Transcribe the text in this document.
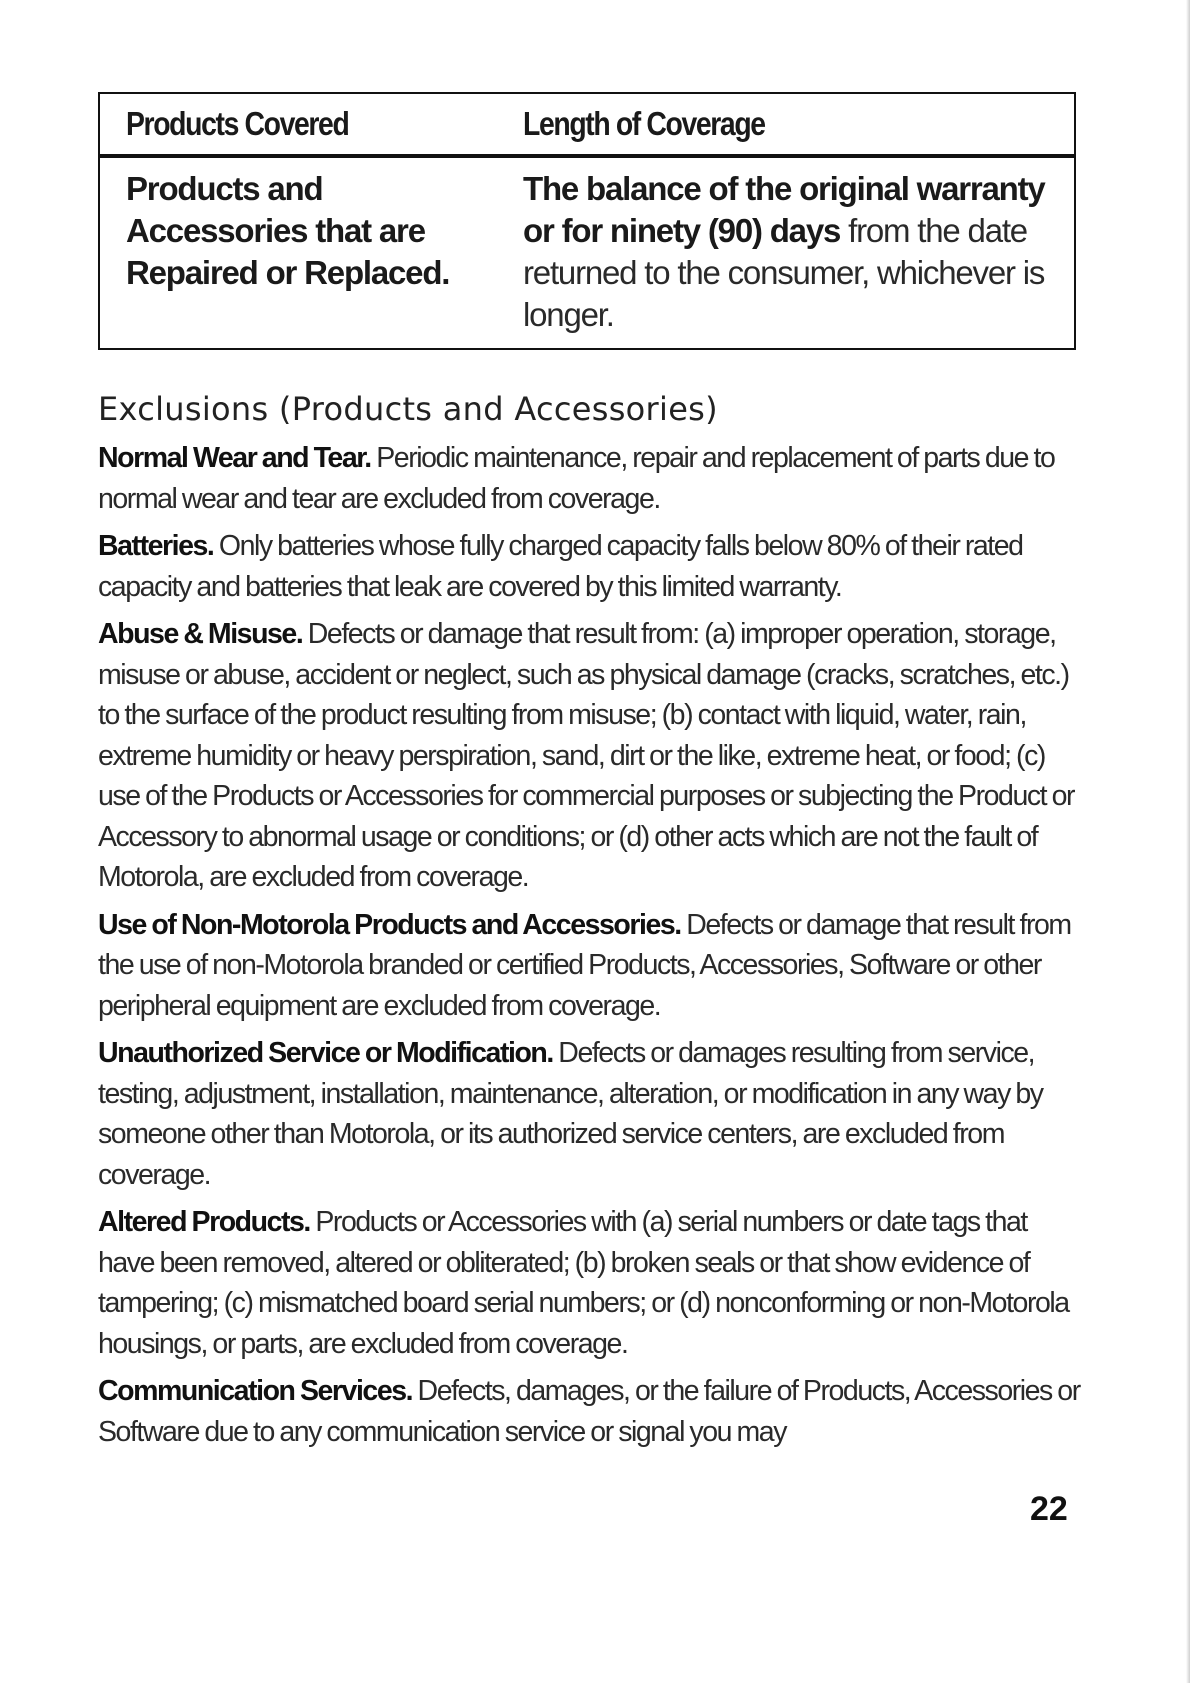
Products Covered	Length of Coverage
Products and Accessories that are Repaired or Replaced.
The balance of the original warranty or for ninety (90) days from the date returned to the consumer, whichever is longer.
Exclusions (Products and Accessories)

Normal Wear and Tear. Periodic maintenance, repair and replacement of parts due to normal wear and tear are excluded from coverage.

Batteries. Only batteries whose fully charged capacity falls below 80% of their rated capacity and batteries that leak are covered by this limited warranty.

Abuse & Misuse. Defects or damage that result from: (a) improper operation, storage, misuse or abuse, accident or neglect, such as physical damage (cracks, scratches, etc.) to the surface of the product resulting from misuse; (b) contact with liquid, water, rain, extreme humidity or heavy perspiration, sand, dirt or the like, extreme heat, or food; (c) use of the Products or Accessories for commercial purposes or subjecting the Product or Accessory to abnormal usage or conditions; or (d) other acts which are not the fault of Motorola, are excluded from coverage.

Use of Non-Motorola Products and Accessories. Defects or damage that result from the use of non-Motorola branded or certified Products, Accessories, Software or other peripheral equipment are excluded from coverage.

Unauthorized Service or Modification. Defects or damages resulting from service, testing, adjustment, installation, maintenance, alteration, or modification in any way by someone other than Motorola, or its authorized service centers, are excluded from coverage.

Altered Products. Products or Accessories with (a) serial numbers or date tags that have been removed, altered or obliterated; (b) broken seals or that show evidence of tampering; (c) mismatched board serial numbers; or (d) nonconforming or non-Motorola housings, or parts, are excluded from coverage.

Communication Services. Defects, damages, or the failure of Products, Accessories or Software due to any communication service or signal you may

22
